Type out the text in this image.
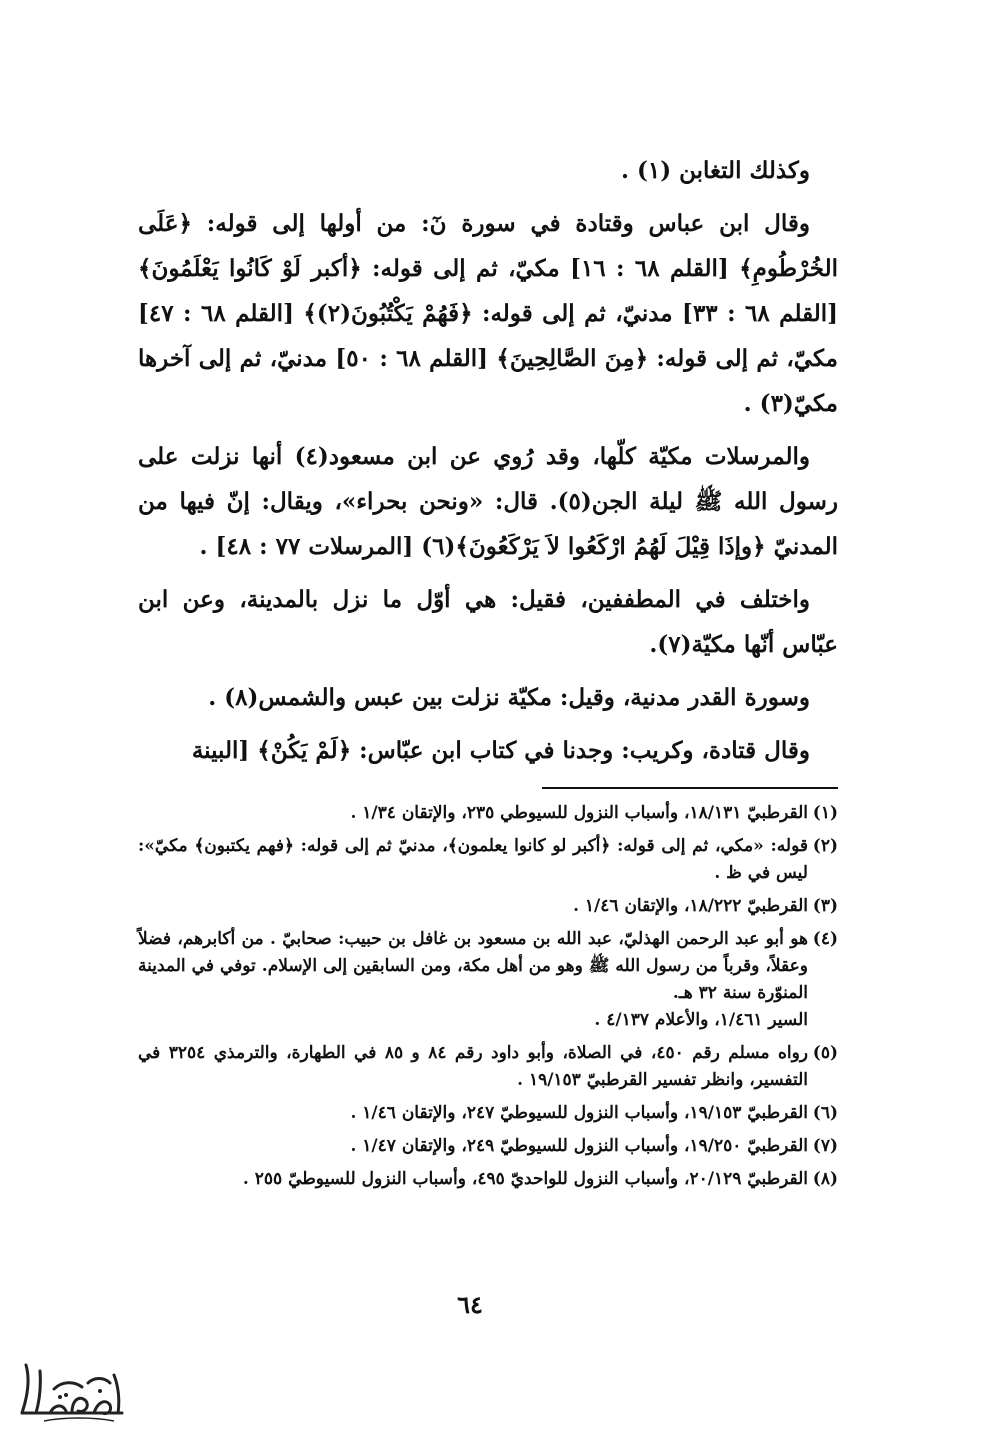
وكذلك التغابن (١) .

وقال ابن عباس وقتادة في سورة نٓ: من أولها إلى قوله: ﴿عَلَى الخُرْطُومِ﴾ [القلم ٦٨ : ١٦] مكيّ، ثم إلى قوله: ﴿أكبر لَوْ كَانُوا يَعْلَمُونَ﴾ [القلم ٦٨ : ٣٣] مدنيّ، ثم إلى قوله: ﴿فَهُمْ يَكْتُبُونَ(٢)﴾ [القلم ٦٨ : ٤٧] مكيّ، ثم إلى قوله: ﴿مِنَ الصَّالِحِينَ﴾ [القلم ٦٨ : ٥٠] مدنيّ، ثم إلى آخرها مكيّ(٣) .

والمرسلات مكيّة كلّها، وقد رُوي عن ابن مسعود(٤) أنها نزلت على رسول الله ﷺ ليلة الجن(٥). قال: «ونحن بحراء»، ويقال: إنّ فيها من المدنيّ ﴿وإذَا قِيْلَ لَهُمُ ارْكَعُوا لاَ يَرْكَعُونَ﴾(٦) [المرسلات ٧٧ : ٤٨] .

واختلف في المطففين، فقيل: هي أوّل ما نزل بالمدينة، وعن ابن عبّاس أنّها مكيّة(٧).

وسورة القدر مدنية، وقيل: مكيّة نزلت بين عبس والشمس(٨) .

وقال قتادة، وكريب: وجدنا في كتاب ابن عبّاس: ﴿لَمْ يَكُنْ﴾ [البينة

(١)
القرطبيّ ١٨/١٣١، وأسباب النزول للسيوطي ٢٣٥، والإتقان ١/٣٤ .
(٢)
قوله: «مكي، ثم إلى قوله: ﴿أكبر لو كانوا يعلمون﴾، مدنيّ ثم إلى قوله: ﴿فهم يكتبون﴾ مكيّ»: ليس في ظ .
(٣)
القرطبيّ ١٨/٢٢٢، والإتقان ١/٤٦ .
(٤)
هو أبو عبد الرحمن الهذليّ، عبد الله بن مسعود بن غافل بن حبيب: صحابيّ . من أكابرهم، فضلاً وعقلاً، وقرباً من رسول الله ﷺ وهو من أهل مكة، ومن السابقين إلى الإسلام. توفي في المدينة المنوّرة سنة ٣٢ هـ.
السير ١/٤٦١، والأعلام ٤/١٣٧ .
(٥)
رواه مسلم رقم ٤٥٠، في الصلاة، وأبو داود رقم ٨٤ و ٨٥ في الطهارة، والترمذي ٣٢٥٤ في التفسير، وانظر تفسير القرطبيّ ١٩/١٥٣ .
(٦)
القرطبيّ ١٩/١٥٣، وأسباب النزول للسيوطيّ ٢٤٧، والإتقان ١/٤٦ .
(٧)
القرطبيّ ١٩/٢٥٠، وأسباب النزول للسيوطيّ ٢٤٩، والإتقان ١/٤٧ .
(٨)
القرطبيّ ٢٠/١٢٩، وأسباب النزول للواحديّ ٤٩٥، وأسباب النزول للسيوطيّ ٢٥٥ .
٦٤
